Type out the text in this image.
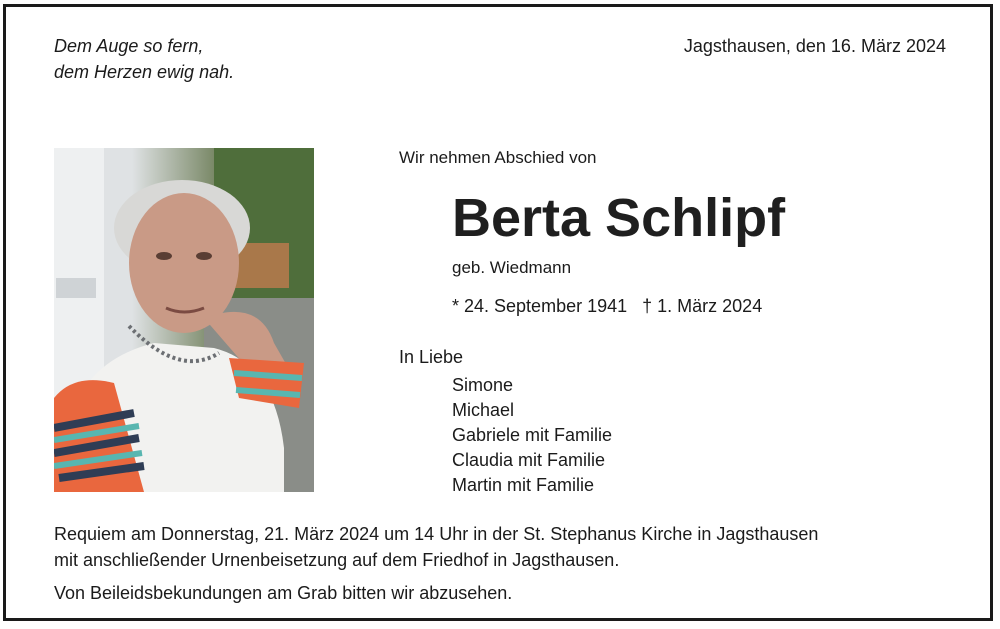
Dem Auge so fern,
dem Herzen ewig nah.
Jagsthausen, den 16. März 2024
Wir nehmen Abschied von
Berta Schlipf
geb. Wiedmann
* 24. September 1941 † 1. März 2024
In Liebe
Simone
Michael
Gabriele mit Familie
Claudia mit Familie
Martin mit Familie
Requiem am Donnerstag, 21. März 2024 um 14 Uhr in der St. Stephanus Kirche in Jagsthausen
mit anschließender Urnenbeisetzung auf dem Friedhof in Jagsthausen.
Von Beileidsbekundungen am Grab bitten wir abzusehen.
